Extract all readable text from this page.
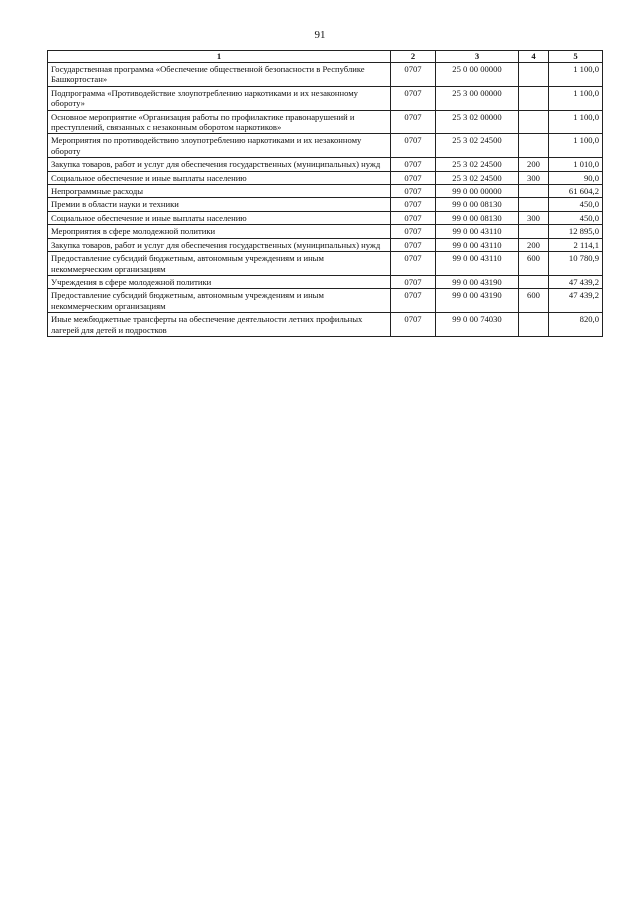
91
1	2	3	4	5
Государственная программа «Обеспечение общественной безопасности в Республике Башкортостан»	0707	25 0 00 00000		1 100,0
Подпрограмма «Противодействие злоупотреблению наркотиками и их незаконному обороту»	0707	25 3 00 00000		1 100,0
Основное мероприятие «Организация работы по профилактике правонарушений и преступлений, связанных с незаконным оборотом наркотиков»	0707	25 3 02 00000		1 100,0
Мероприятия по противодействию злоупотреблению наркотиками и их незаконному обороту	0707	25 3 02 24500		1 100,0
Закупка товаров, работ и услуг для обеспечения государственных (муниципальных) нужд	0707	25 3 02 24500	200	1 010,0
Социальное обеспечение и иные выплаты населению	0707	25 3 02 24500	300	90,0
Непрограммные расходы	0707	99 0 00 00000		61 604,2
Премии в области науки и техники	0707	99 0 00 08130		450,0
Социальное обеспечение и иные выплаты населению	0707	99 0 00 08130	300	450,0
Мероприятия в сфере молодежной политики	0707	99 0 00 43110		12 895,0
Закупка товаров, работ и услуг для обеспечения государственных (муниципальных) нужд	0707	99 0 00 43110	200	2 114,1
Предоставление субсидий бюджетным, автономным учреждениям и иным некоммерческим организациям	0707	99 0 00 43110	600	10 780,9
Учреждения в сфере молодежной политики	0707	99 0 00 43190		47 439,2
Предоставление субсидий бюджетным, автономным учреждениям и иным некоммерческим организациям	0707	99 0 00 43190	600	47 439,2
Иные межбюджетные трансферты на обеспечение деятельности летних профильных лагерей для детей и подростков	0707	99 0 00 74030		820,0
